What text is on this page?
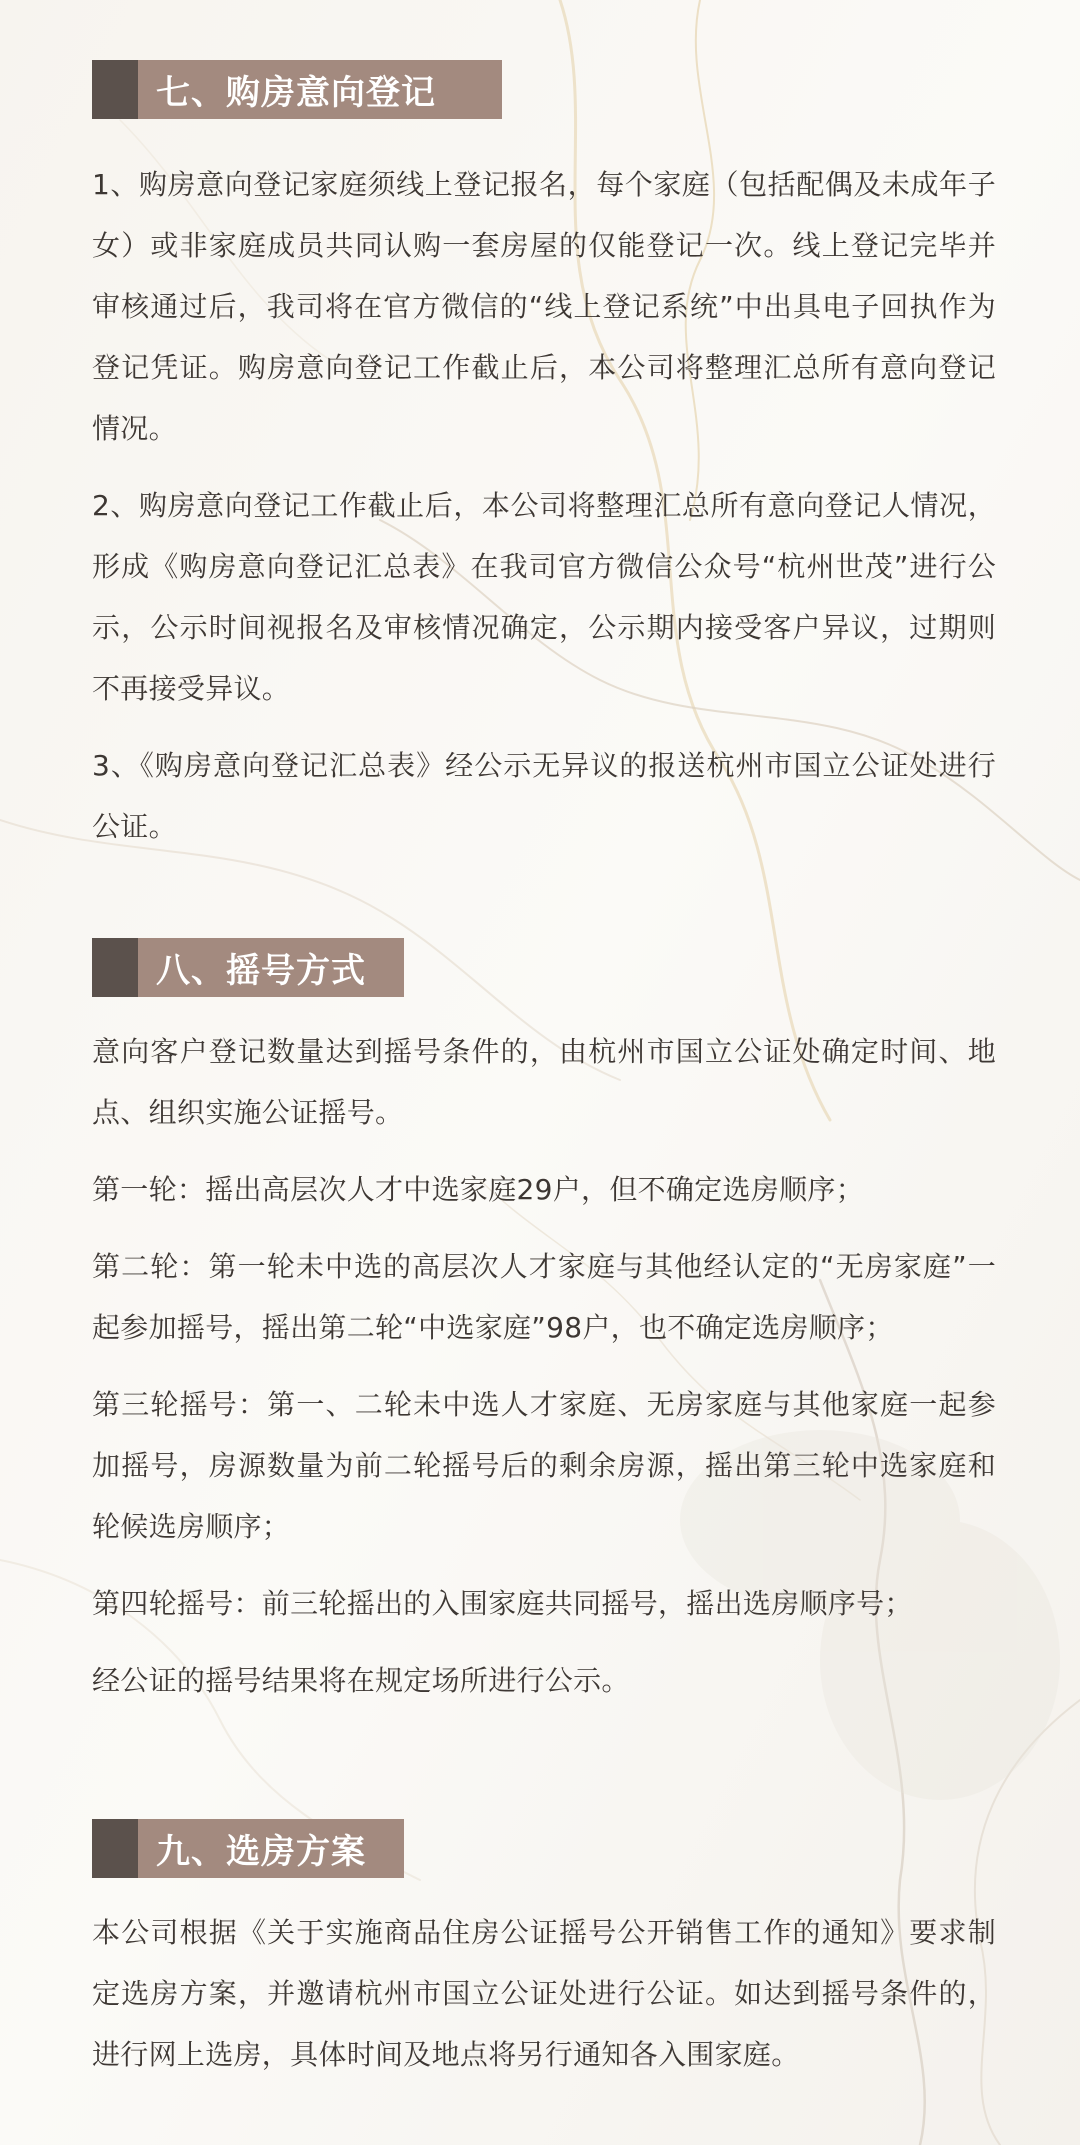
七、购房意向登记

1、购房意向登记家庭须线上登记报名，每个家庭（包括配偶及未成年子女）或非家庭成员共同认购一套房屋的仅能登记一次。线上登记完毕并审核通过后，我司将在官方微信的“线上登记系统”中出具电子回执作为登记凭证。购房意向登记工作截止后，本公司将整理汇总所有意向登记情况。

2、购房意向登记工作截止后，本公司将整理汇总所有意向登记人情况，形成《购房意向登记汇总表》在我司官方微信公众号“杭州世茂”进行公示，公示时间视报名及审核情况确定，公示期内接受客户异议，过期则不再接受异议。

3、《购房意向登记汇总表》经公示无异议的报送杭州市国立公证处进行公证。

八、摇号方式

意向客户登记数量达到摇号条件的，由杭州市国立公证处确定时间、地点、组织实施公证摇号。

第一轮：摇出高层次人才中选家庭29户，但不确定选房顺序；

第二轮：第一轮未中选的高层次人才家庭与其他经认定的“无房家庭”一起参加摇号，摇出第二轮“中选家庭”98户，也不确定选房顺序；

第三轮摇号：第一、二轮未中选人才家庭、无房家庭与其他家庭一起参加摇号，房源数量为前二轮摇号后的剩余房源，摇出第三轮中选家庭和轮候选房顺序；

第四轮摇号：前三轮摇出的入围家庭共同摇号，摇出选房顺序号；

经公证的摇号结果将在规定场所进行公示。

九、选房方案

本公司根据《关于实施商品住房公证摇号公开销售工作的通知》要求制定选房方案，并邀请杭州市国立公证处进行公证。如达到摇号条件的，进行网上选房，具体时间及地点将另行通知各入围家庭。
